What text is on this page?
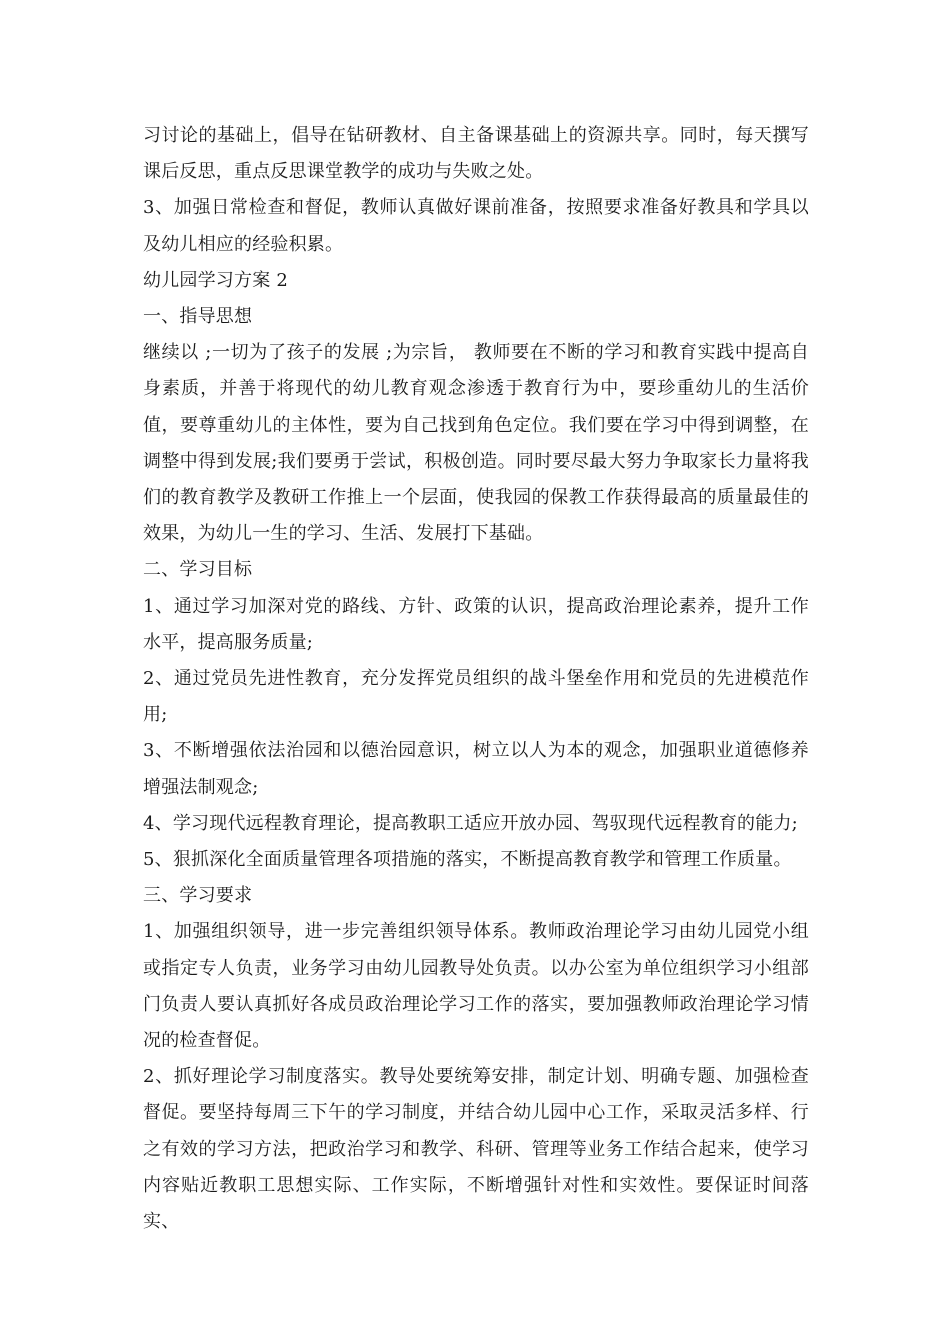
习讨论的基础上，倡导在钻研教材、自主备课基础上的资源共享。同时，每天撰写课后反思，重点反思课堂教学的成功与失败之处。

3、加强日常检查和督促，教师认真做好课前准备，按照要求准备好教具和学具以及幼儿相应的经验积累。

幼儿园学习方案 2

一、指导思想

继续以 ;一切为了孩子的发展 ;为宗旨， 教师要在不断的学习和教育实践中提高自身素质，并善于将现代的幼儿教育观念渗透于教育行为中，要珍重幼儿的生活价值，要尊重幼儿的主体性，要为自己找到角色定位。我们要在学习中得到调整，在调整中得到发展;我们要勇于尝试，积极创造。同时要尽最大努力争取家长力量将我们的教育教学及教研工作推上一个层面，使我园的保教工作获得最高的质量最佳的效果，为幼儿一生的学习、生活、发展打下基础。

二、学习目标

1、通过学习加深对党的路线、方针、政策的认识，提高政治理论素养，提升工作水平，提高服务质量;

2、通过党员先进性教育，充分发挥党员组织的战斗堡垒作用和党员的先进模范作用;

3、不断增强依法治园和以德治园意识，树立以人为本的观念，加强职业道德修养增强法制观念;

4、学习现代远程教育理论，提高教职工适应开放办园、驾驭现代远程教育的能力;

5、狠抓深化全面质量管理各项措施的落实，不断提高教育教学和管理工作质量。

三、学习要求

1、加强组织领导，进一步完善组织领导体系。教师政治理论学习由幼儿园党小组或指定专人负责，业务学习由幼儿园教导处负责。以办公室为单位组织学习小组部门负责人要认真抓好各成员政治理论学习工作的落实，要加强教师政治理论学习情况的检查督促。

2、抓好理论学习制度落实。教导处要统筹安排，制定计划、明确专题、加强检查督促。要坚持每周三下午的学习制度，并结合幼儿园中心工作，采取灵活多样、行之有效的学习方法，把政治学习和教学、科研、管理等业务工作结合起来，使学习内容贴近教职工思想实际、工作实际，不断增强针对性和实效性。要保证时间落实、
